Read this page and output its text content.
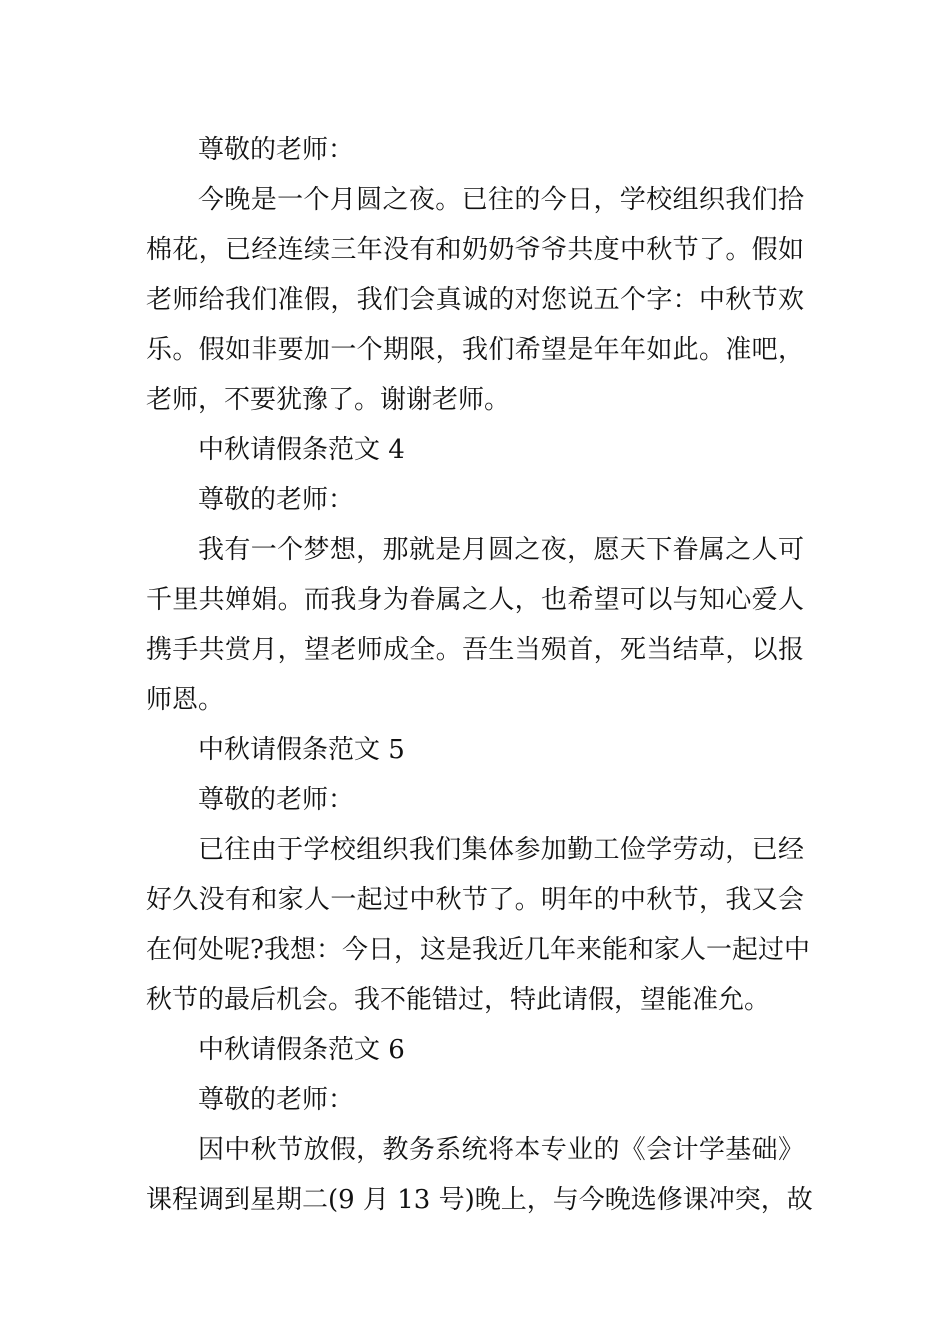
尊敬的老师：
今晚是一个月圆之夜。已往的今日，学校组织我们拾
棉花，已经连续三年没有和奶奶爷爷共度中秋节了。假如
老师给我们准假，我们会真诚的对您说五个字：中秋节欢
乐。假如非要加一个期限，我们希望是年年如此。准吧，
老师，不要犹豫了。谢谢老师。
中秋请假条范文 4
尊敬的老师：
我有一个梦想，那就是月圆之夜，愿天下眷属之人可
千里共婵娟。而我身为眷属之人，也希望可以与知心爱人
携手共赏月，望老师成全。吾生当殒首，死当结草，以报
师恩。
中秋请假条范文 5
尊敬的老师：
已往由于学校组织我们集体参加勤工俭学劳动，已经
好久没有和家人一起过中秋节了。明年的中秋节，我又会
在何处呢?我想：今日，这是我近几年来能和家人一起过中
秋节的最后机会。我不能错过，特此请假，望能准允。
中秋请假条范文 6
尊敬的老师：
因中秋节放假，教务系统将本专业的《会计学基础》
课程调到星期二(9 月 13 号)晚上，与今晚选修课冲突，故
